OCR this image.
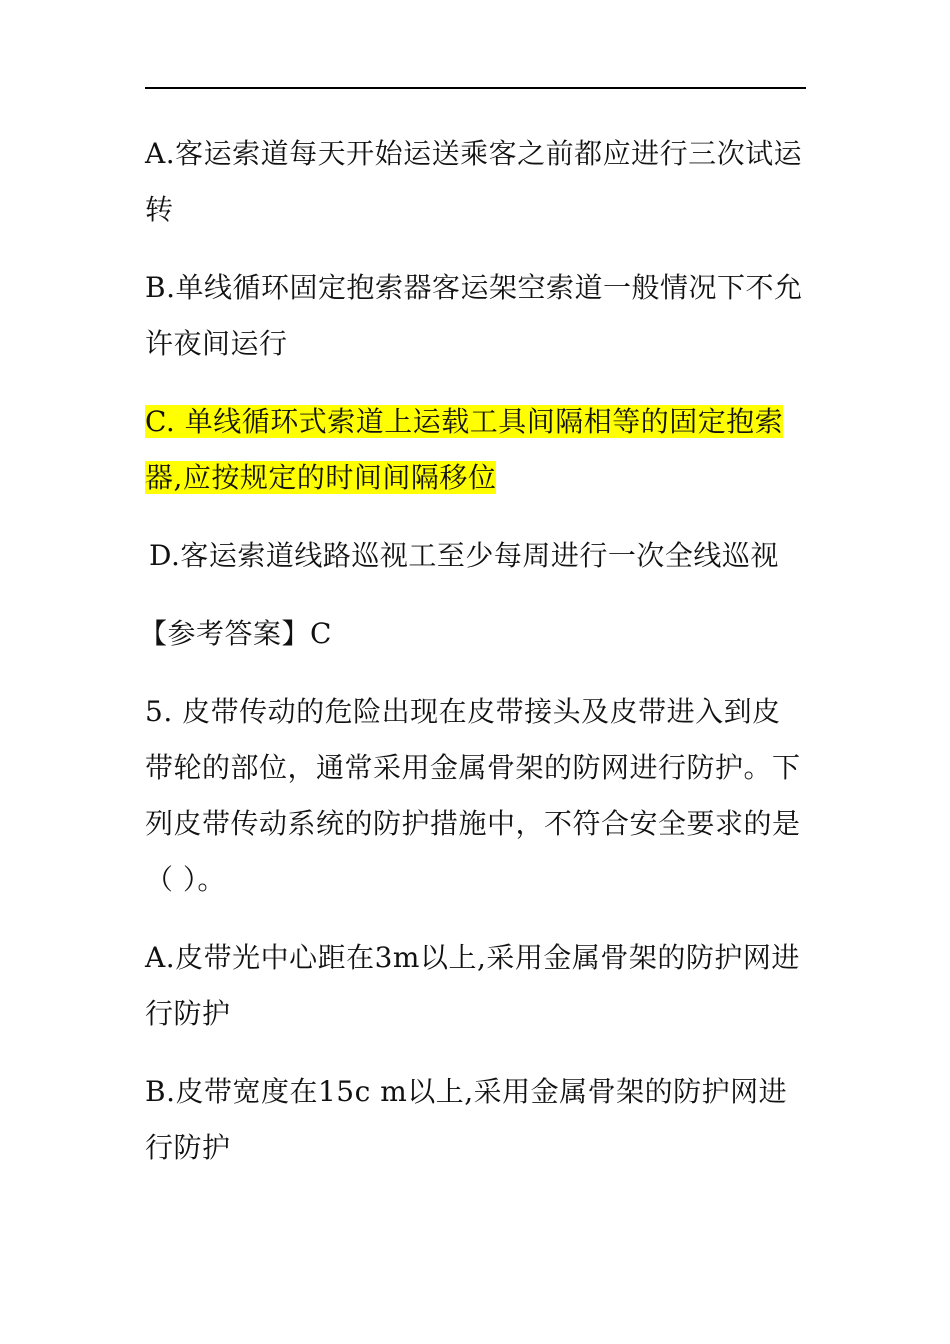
A.客运索道每天开始运送乘客之前都应进行三次试运转

B.单线循环固定抱索器客运架空索道一般情况下不允许夜间运行

C. 单线循环式索道上运载工具间隔相等的固定抱索器,应按规定的时间间隔移位

D.客运索道线路巡视工至少每周进行一次全线巡视

【参考答案】C

5. 皮带传动的危险出现在皮带接头及皮带进入到皮带轮的部位，通常采用金属骨架的防网进行防护。下列皮带传动系统的防护措施中，不符合安全要求的是（ ）。

A.皮带光中心距在3m以上,采用金属骨架的防护网进行防护

B.皮带宽度在15c m以上,采用金属骨架的防护网进行防护
